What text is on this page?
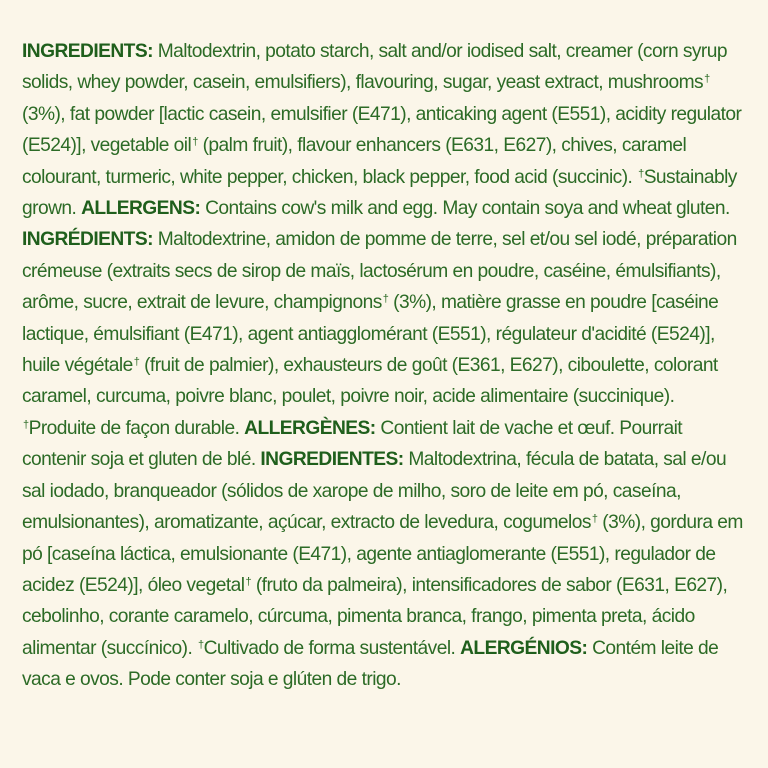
INGREDIENTS: Maltodextrin, potato starch, salt and/or iodised salt, creamer (corn syrup solids, whey powder, casein, emulsifiers), flavouring, sugar, yeast extract, mushrooms† (3%), fat powder [lactic casein, emulsifier (E471), anticaking agent (E551), acidity regulator (E524)], vegetable oil† (palm fruit), flavour enhancers (E631, E627), chives, caramel colourant, turmeric, white pepper, chicken, black pepper, food acid (succinic). †Sustainably grown. ALLERGENS: Contains cow's milk and egg. May contain soya and wheat gluten. INGRÉDIENTS: Maltodextrine, amidon de pomme de terre, sel et/ou sel iodé, préparation crémeuse (extraits secs de sirop de maïs, lactosérum en poudre, caséine, émulsifiants), arôme, sucre, extrait de levure, champignons† (3%), matière grasse en poudre [caséine lactique, émulsifiant (E471), agent antiagglomérant (E551), régulateur d'acidité (E524)], huile végétale† (fruit de palmier), exhausteurs de goût (E361, E627), ciboulette, colorant caramel, curcuma, poivre blanc, poulet, poivre noir, acide alimentaire (succinique). †Produite de façon durable. ALLERGÈNES: Contient lait de vache et œuf. Pourrait contenir soja et gluten de blé. INGREDIENTES: Maltodextrina, fécula de batata, sal e/ou sal iodado, branqueador (sólidos de xarope de milho, soro de leite em pó, caseína, emulsionantes), aromatizante, açúcar, extracto de levedura, cogumelos† (3%), gordura em pó [caseína láctica, emulsionante (E471), agente antiaglomerante (E551), regulador de acidez (E524)], óleo vegetal† (fruto da palmeira), intensificadores de sabor (E631, E627), cebolinho, corante caramelo, cúrcuma, pimenta branca, frango, pimenta preta, ácido alimentar (succínico). †Cultivado de forma sustentável. ALERGÉNIOS: Contém leite de vaca e ovos. Pode conter soja e glúten de trigo.
